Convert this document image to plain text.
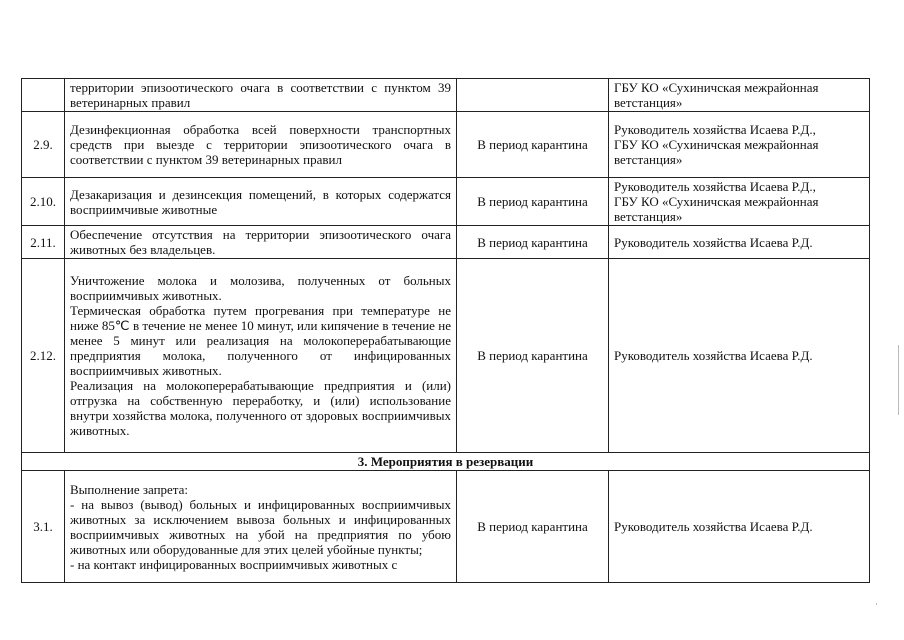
	территории эпизоотического очага в соответствии с пунктом 39 ветеринарных правил		ГБУ КО «Сухиничская межрайонная ветстанция»

2.9.	Дезинфекционная обработка всей поверхности транспортных средств при выезде с территории эпизоотического очага в соответствии с пунктом 39 ветеринарных правил	В период карантина	Руководитель хозяйства Исаева Р.Д.,

ГБУ КО «Сухиничская межрайонная ветстанция»

2.10.	Дезакаризация и дезинсекция помещений, в которых содержатся восприимчивые животные	В период карантина	Руководитель хозяйства Исаева Р.Д.,

ГБУ КО «Сухиничская межрайонная ветстанция»

2.11.	Обеспечение отсутствия на территории эпизоотического очага животных без владельцев.	В период карантина	Руководитель хозяйства Исаева Р.Д.

2.12.	Уничтожение молока и молозива, полученных от больных восприимчивых животных.

Термическая обработка путем прогревания при температуре не ниже 85℃ в течение не менее 10 минут, или кипячение в течение не менее 5 минут или реализация на молокоперерабатывающие предприятия молока, полученного от инфицированных восприимчивых животных.

Реализация на молокоперерабатывающие предприятия и (или) отгрузка на собственную переработку, и (или) использование внутри хозяйства молока, полученного от здоровых восприимчивых животных.	В период карантина	Руководитель хозяйства Исаева Р.Д.

3. Мероприятия в резервации			
3.1.	Выполнение запрета:

- на вывоз (вывод) больных и инфицированных восприимчивых животных за исключением вывоза больных и инфицированных восприимчивых животных на убой на предприятия по убою животных или оборудованные для этих целей убойные пункты;

- на контакт инфицированных восприимчивых животных с	В период карантина	Руководитель хозяйства Исаева Р.Д.
